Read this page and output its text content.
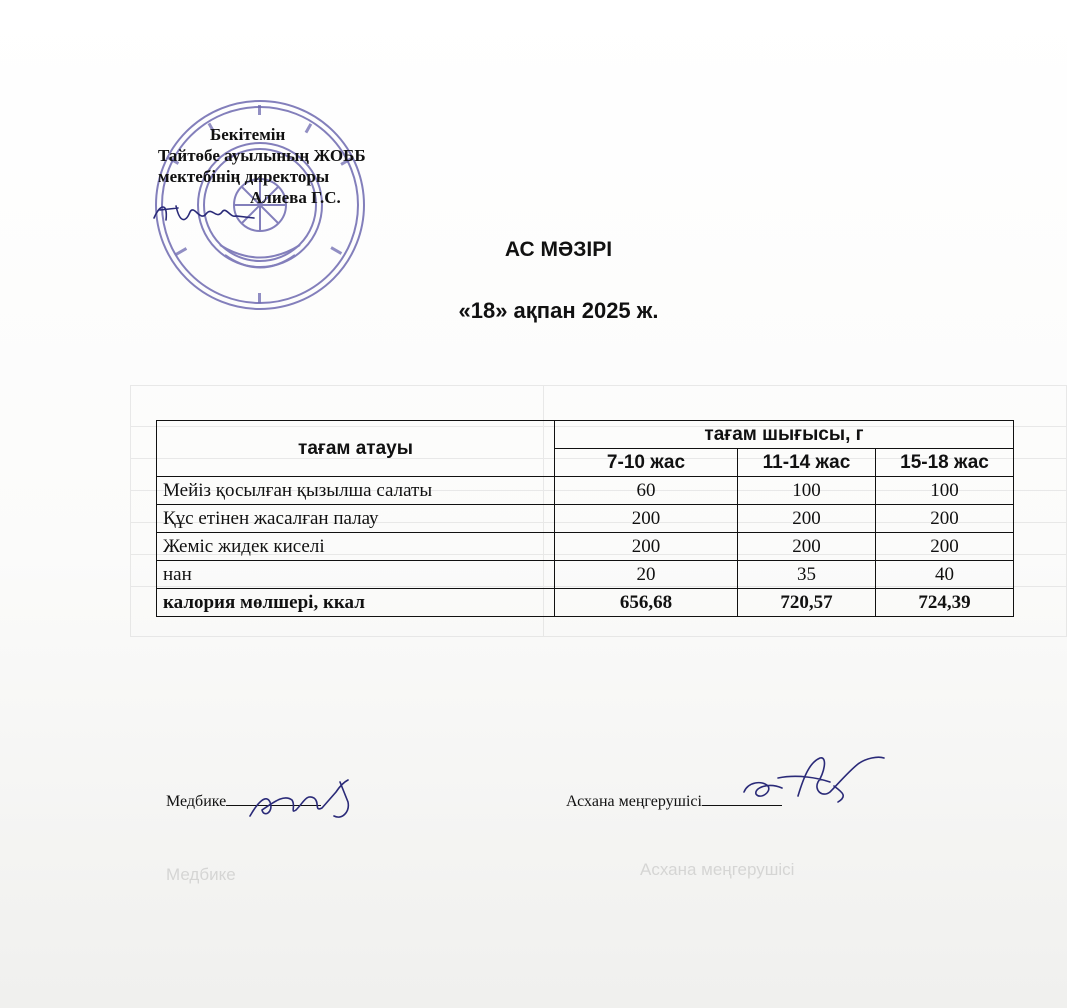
Бекітемін
Тайтөбе ауылының ЖОББ
мектебінің директоры
Алиева Г.С.
АС МӘЗІРІ
«18» ақпан 2025 ж.
тағам атауы	тағам шығысы, г		
	7-10 жас	11-14 жас	15-18 жас
Мейіз қосылған қызылша салаты	60	100	100
Құс етінен жасалған палау	200	200	200
Жеміс жидек киселі	200	200	200
нан	20	35	40
калория мөлшері, ккал	656,68	720,57	724,39
Медбике	Асхана меңгерушісі
Медбике	Асхана меңгерушісі
